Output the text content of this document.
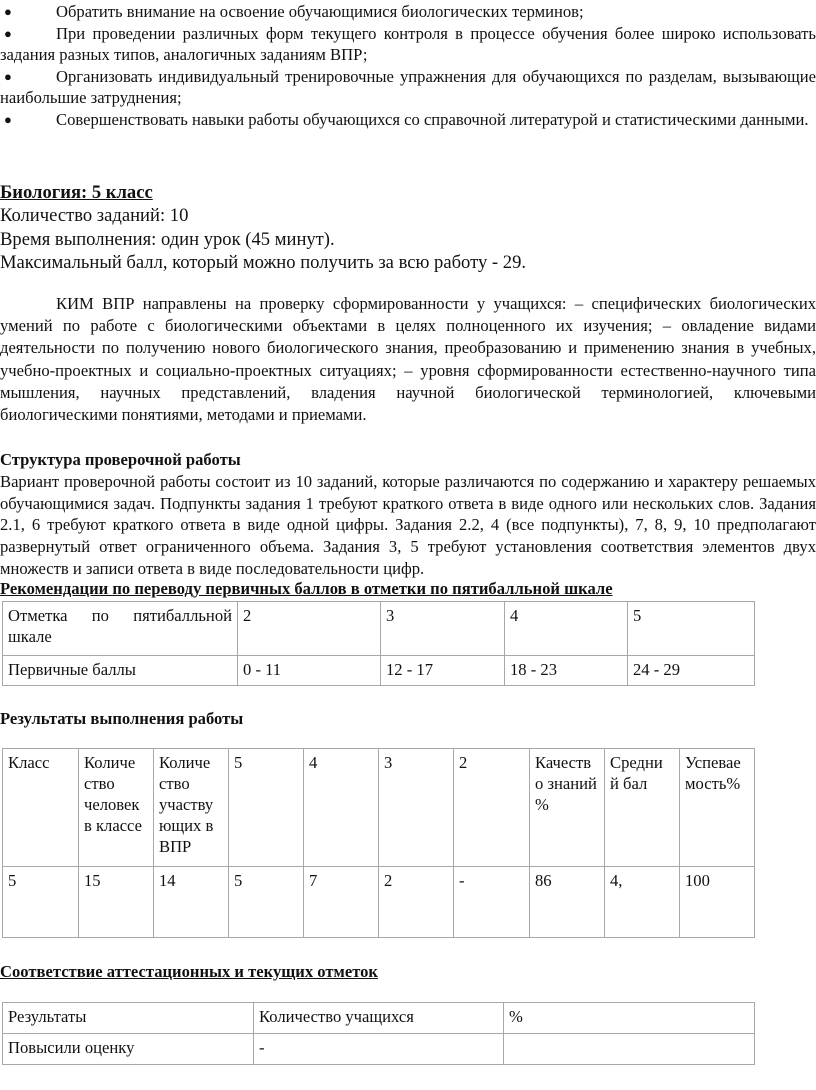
●	Обратить внимание на освоение обучающимися биологических терминов;
●	При проведении различных форм текущего контроля в процессе обучения более широко использовать задания разных типов, аналогичных заданиям ВПР;
●	Организовать индивидуальный тренировочные упражнения для обучающихся по разделам, вызывающие наибольшие затруднения;
●	Совершенствовать навыки работы обучающихся со справочной литературой и статистическими данными.
Биология: 5 класс
Количество заданий: 10
Время выполнения: один урок (45 минут).
Максимальный балл, который можно получить за всю работу - 29.
КИМ ВПР направлены на проверку сформированности у учащихся: – специфических биологических умений по работе с биологическими объектами в целях полноценного их изучения; – овладение видами деятельности по получению нового биологического знания, преобразованию и применению знания в учебных, учебно-проектных и социально-проектных ситуациях; – уровня сформированности естественно-научного типа мышления, научных представлений, владения научной биологической терминологией, ключевыми биологическими понятиями, методами и приемами.
Структура проверочной работы
Вариант проверочной работы состоит из 10 заданий, которые различаются по содержанию и характеру решаемых обучающимися задач. Подпункты задания 1 требуют краткого ответа в виде одного или нескольких слов. Задания 2.1, 6 требуют краткого ответа в виде одной цифры. Задания 2.2, 4 (все подпункты), 7, 8, 9, 10 предполагают развернутый ответ ограниченного объема. Задания 3, 5 требуют установления соответствия элементов двух множеств и записи ответа в виде последовательности цифр.
Рекомендации по переводу первичных баллов в отметки по пятибалльной шкале
Отметка по пятибалльной шкале	2	3	4	5
Первичные баллы	0 - 11	12 - 17	18 - 23	24 - 29
Результаты выполнения работы
Класс	Количе ство человек в классе	Количе ство участву ющих в ВПР	5	4	3	2	Качеств о знаний %	Средни й бал	Успевае мость%
5	15	14	5	7	2	-	86	4,	100
Соответствие аттестационных и текущих отметок
Результаты	Количество учащихся	%
Повысили оценку	-	
